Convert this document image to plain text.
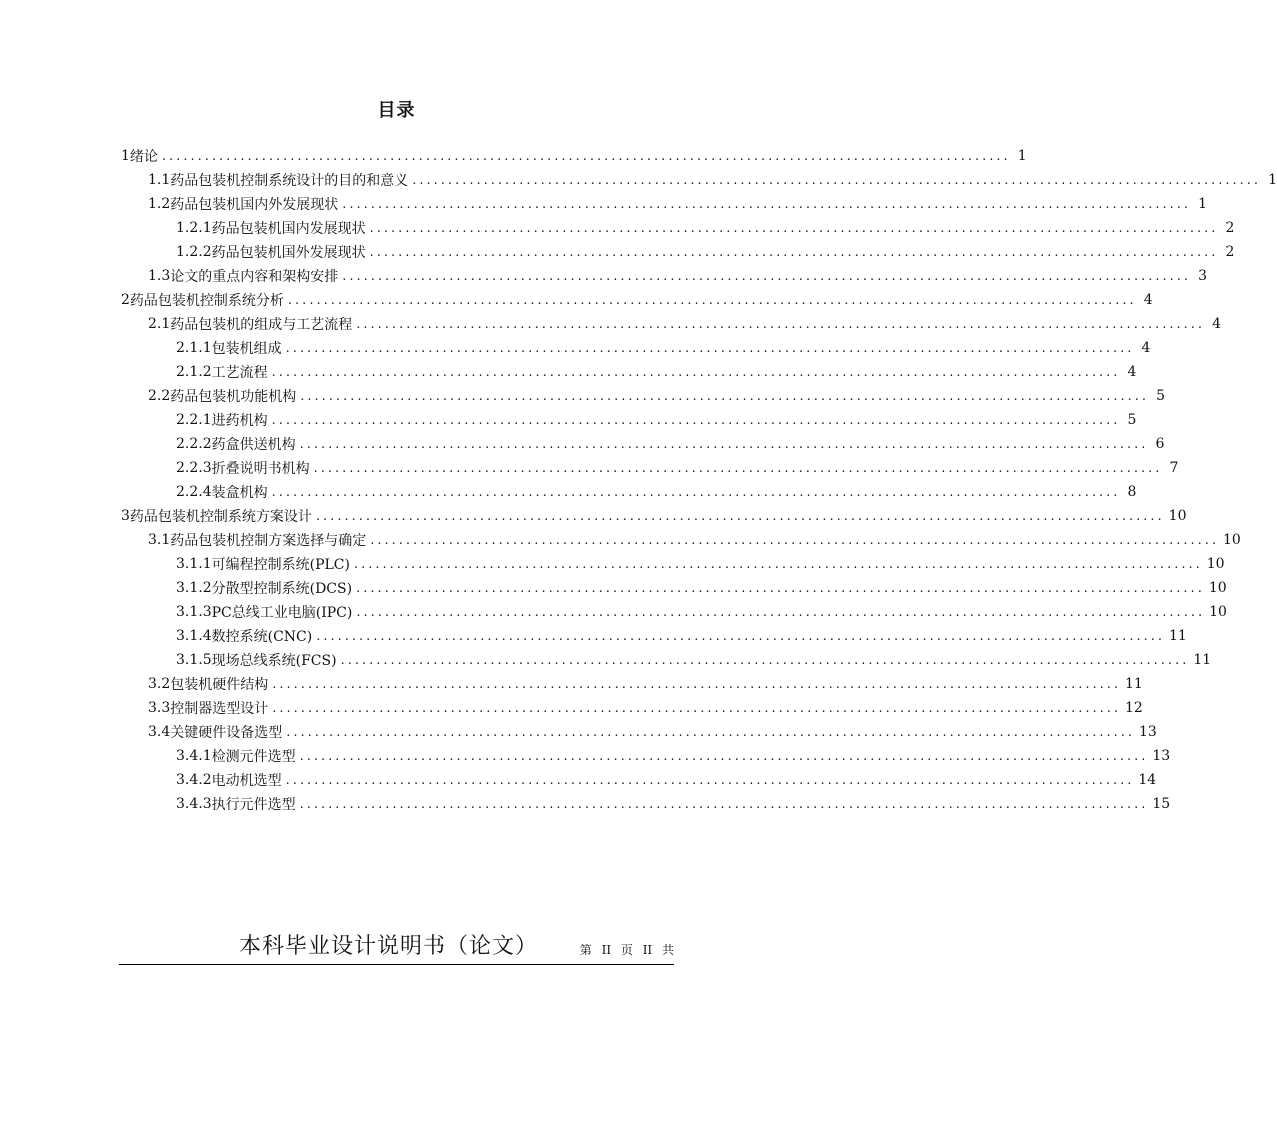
目录
1 绪论 ....................................................................................................................... 1
1.1 药品包装机控制系统设计的目的和意义 ....................................................................................................................... 1
1.2 药品包装机国内外发展现状 ....................................................................................................................... 1
1.2.1 药品包装机国内发展现状 ....................................................................................................................... 2
1.2.2 药品包装机国外发展现状 ....................................................................................................................... 2
1.3 论文的重点内容和架构安排 ....................................................................................................................... 3
2 药品包装机控制系统分析 ....................................................................................................................... 4
2.1 药品包装机的组成与工艺流程 ....................................................................................................................... 4
2.1.1 包装机组成 ....................................................................................................................... 4
2.1.2 工艺流程 ....................................................................................................................... 4
2.2 药品包装机功能机构 ....................................................................................................................... 5
2.2.1 进药机构 ....................................................................................................................... 5
2.2.2 药盒供送机构 ....................................................................................................................... 6
2.2.3 折叠说明书机构 ....................................................................................................................... 7
2.2.4 装盒机构 ....................................................................................................................... 8
3 药品包装机控制系统方案设计 ....................................................................................................................... 10
3.1 药品包装机控制方案选择与确定 ....................................................................................................................... 10
3.1.1 可编程控制系统(PLC) ....................................................................................................................... 10
3.1.2 分散型控制系统(DCS) ....................................................................................................................... 10
3.1.3 PC总线工业电脑(IPC) ....................................................................................................................... 10
3.1.4 数控系统(CNC) ....................................................................................................................... 11
3.1.5 现场总线系统(FCS) ....................................................................................................................... 11
3.2 包装机硬件结构 ....................................................................................................................... 11
3.3 控制器选型设计 ....................................................................................................................... 12
3.4 关键硬件设备选型 ....................................................................................................................... 13
3.4.1 检测元件选型 ....................................................................................................................... 13
3.4.2 电动机选型 ....................................................................................................................... 14
3.4.3 执行元件选型 ....................................................................................................................... 15
本科毕业设计说明书（论文）	第 II 页 II 共
